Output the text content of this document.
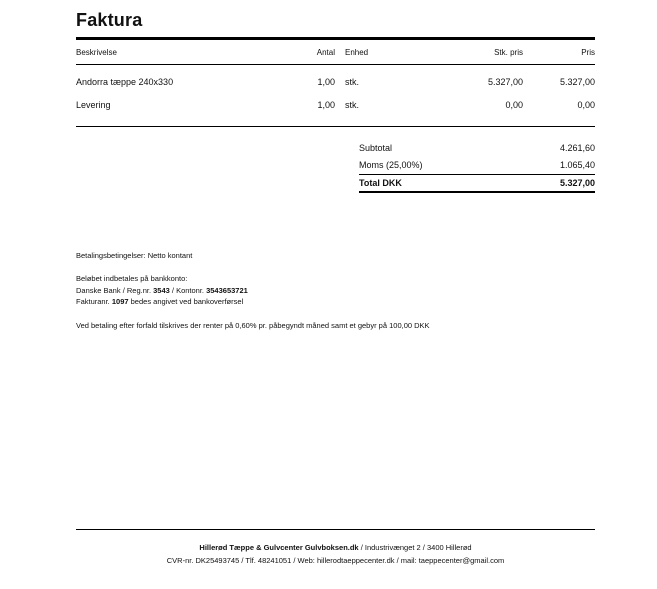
Faktura
Beskrivelse	Antal Enhed	Stk. pris	Pris
Andorra tæppe 240x330	1,00 stk.	5.327,00	5.327,00
Levering	1,00 stk.	0,00	0,00
Subtotal	4.261,60
Moms (25,00%)	1.065,40
Total DKK	5.327,00
Betalingsbetingelser: Netto kontant
Beløbet indbetales på bankkonto:
Danske Bank / Reg.nr. 3543 / Kontonr. 3543653721
Fakturanr. 1097 bedes angivet ved bankoverførsel
Ved betaling efter forfald tilskrives der renter på 0,60% pr. påbegyndt måned samt et gebyr på 100,00 DKK
Hillerød Tæppe & Gulvcenter Gulvboksen.dk / Industrivænget 2 / 3400 Hillerød
CVR-nr. DK25493745 / Tlf. 48241051 / Web: hillerodtaeppecenter.dk / mail: taeppecenter@gmail.com
